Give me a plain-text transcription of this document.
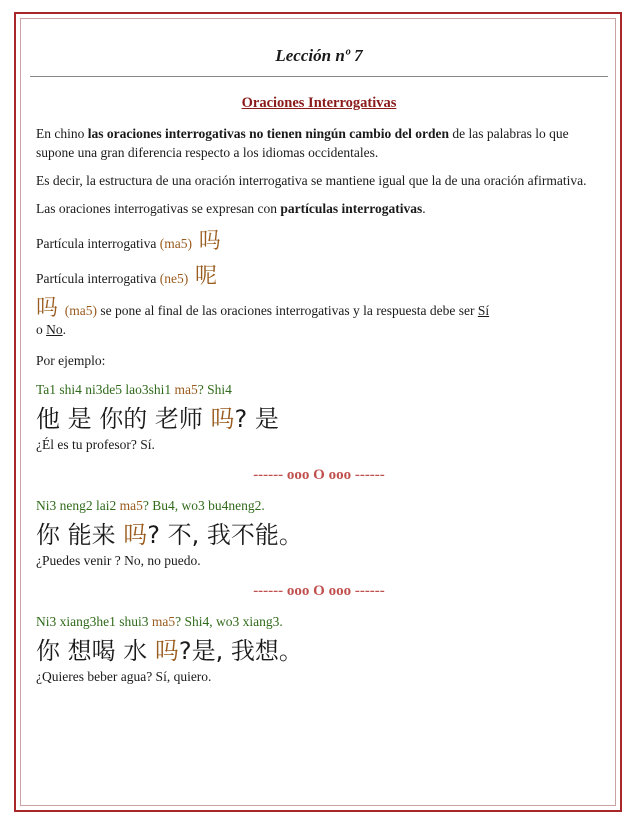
Lección nº 7
Oraciones Interrogativas

En chino las oraciones interrogativas no tienen ningún cambio del orden de las palabras lo que supone una gran diferencia respecto a los idiomas occidentales.

Es decir, la estructura de una oración interrogativa se mantiene igual que la de una oración afirmativa.

Las oraciones interrogativas se expresan con partículas interrogativas.

Partícula interrogativa (ma5) 吗

Partícula interrogativa (ne5) 呢

吗 (ma5) se pone al final de las oraciones interrogativas y la respuesta debe ser Sí
o No.

Por ejemplo:

Ta1 shi4 ni3de5 lao3shi1 ma5? Shi4

他 是 你的 老师 吗? 是

¿Él es tu profesor? Sí.

------ ooo O ooo ------

Ni3 neng2 lai2 ma5? Bu4, wo3 bu4neng2.

你 能来 吗? 不, 我不能。

¿Puedes venir ? No, no puedo.

------ ooo O ooo ------

Ni3 xiang3he1 shui3 ma5? Shi4, wo3 xiang3.

你 想喝 水 吗?是, 我想。

¿Quieres beber agua? Sí, quiero.
